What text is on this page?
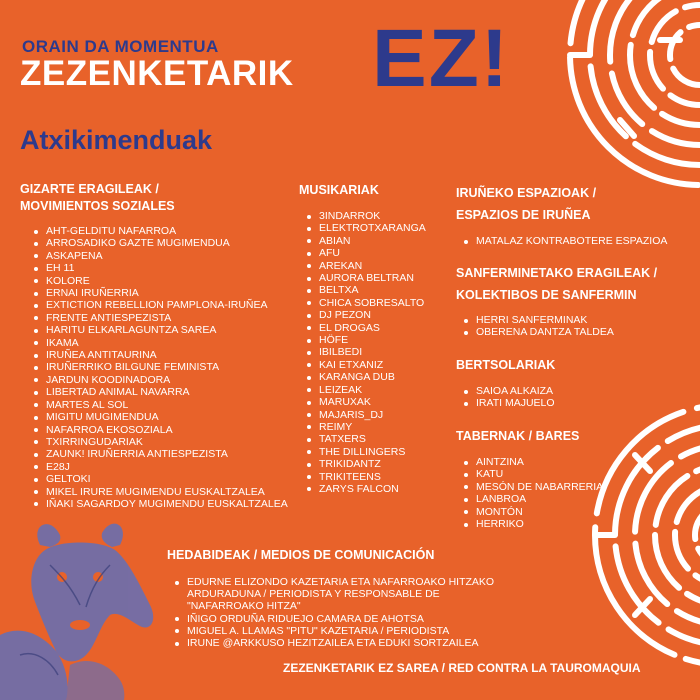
ORAIN DA MOMENTUA
ZEZENKETARIK EZ!
Atxikimenduak
GIZARTE ERAGILEAK /
MOVIMIENTOS SOZIALES
AHT-GELDITU NAFARROA
ARROSADIKO GAZTE MUGIMENDUA
ASKAPENA
EH 11
KOLORE
ERNAI IRUÑERRIA
EXTICTION REBELLION PAMPLONA-IRUÑEA
FRENTE ANTIESPEZISTA
HARITU ELKARLAGUNTZA SAREA
IKAMA
IRUÑEA ANTITAURINA
IRUÑERRIKO BILGUNE FEMINISTA
JARDUN KOODINADORA
LIBERTAD ANIMAL NAVARRA
MARTES AL SOL
MIGITU MUGIMENDUA
NAFARROA EKOSOZIALA
TXIRRINGUDARIAK
ZAUNK! IRUÑERRIA ANTIESPEZISTA
E28J
GELTOKI
MIKEL IRURE MUGIMENDU EUSKALTZALEA
IÑAKI SAGARDOY MUGIMENDU EUSKALTZALEA
MUSIKARIAK
3INDARROK
ELEKTROTXARANGA
ABIAN
AFU
AREKAN
AURORA BELTRAN
BELTXA
CHICA SOBRESALTO
DJ PEZON
EL DROGAS
HÖFE
IBILBEDI
KAI ETXANIZ
KARANGA DUB
LEIZEAK
MARUXAK
MAJARIS_DJ
REIMY
TATXERS
THE DILLINGERS
TRIKIDANTZ
TRIKITEENS
ZARYS FALCON
IRUÑEKO ESPAZIOAK /
ESPAZIOS DE IRUÑEA
MATALAZ KONTRABOTERE ESPAZIOA
SANFERMINETAKO ERAGILEAK /
KOLEKTIBOS DE SANFERMIN
HERRI SANFERMINAK
OBERENA DANTZA TALDEA
BERTSOLARIAK
SAIOA ALKAIZA
IRATI MAJUELO
TABERNAK / BARES
AINTZINA
KATU
MESÓN DE NABARRERIA
LANBROA
MONTÓN
HERRIKO
HEDABIDEAK / MEDIOS DE COMUNICACIÓN
EDURNE ELIZONDO KAZETARIA ETA NAFARROAKO HITZAKO
ARDURADUNA / PERIODISTA Y RESPONSABLE DE
"NAFARROAKO HITZA"
IÑIGO ORDUÑA RIDUEJO CAMARA DE AHOTSA
MIGUEL A. LLAMAS "PITU" KAZETARIA / PERIODISTA
IRUNE @ARKKUSO HEZITZAILEA ETA EDUKI SORTZAILEA
ZEZENKETARIK EZ SAREA / RED CONTRA LA TAUROMAQUIA
